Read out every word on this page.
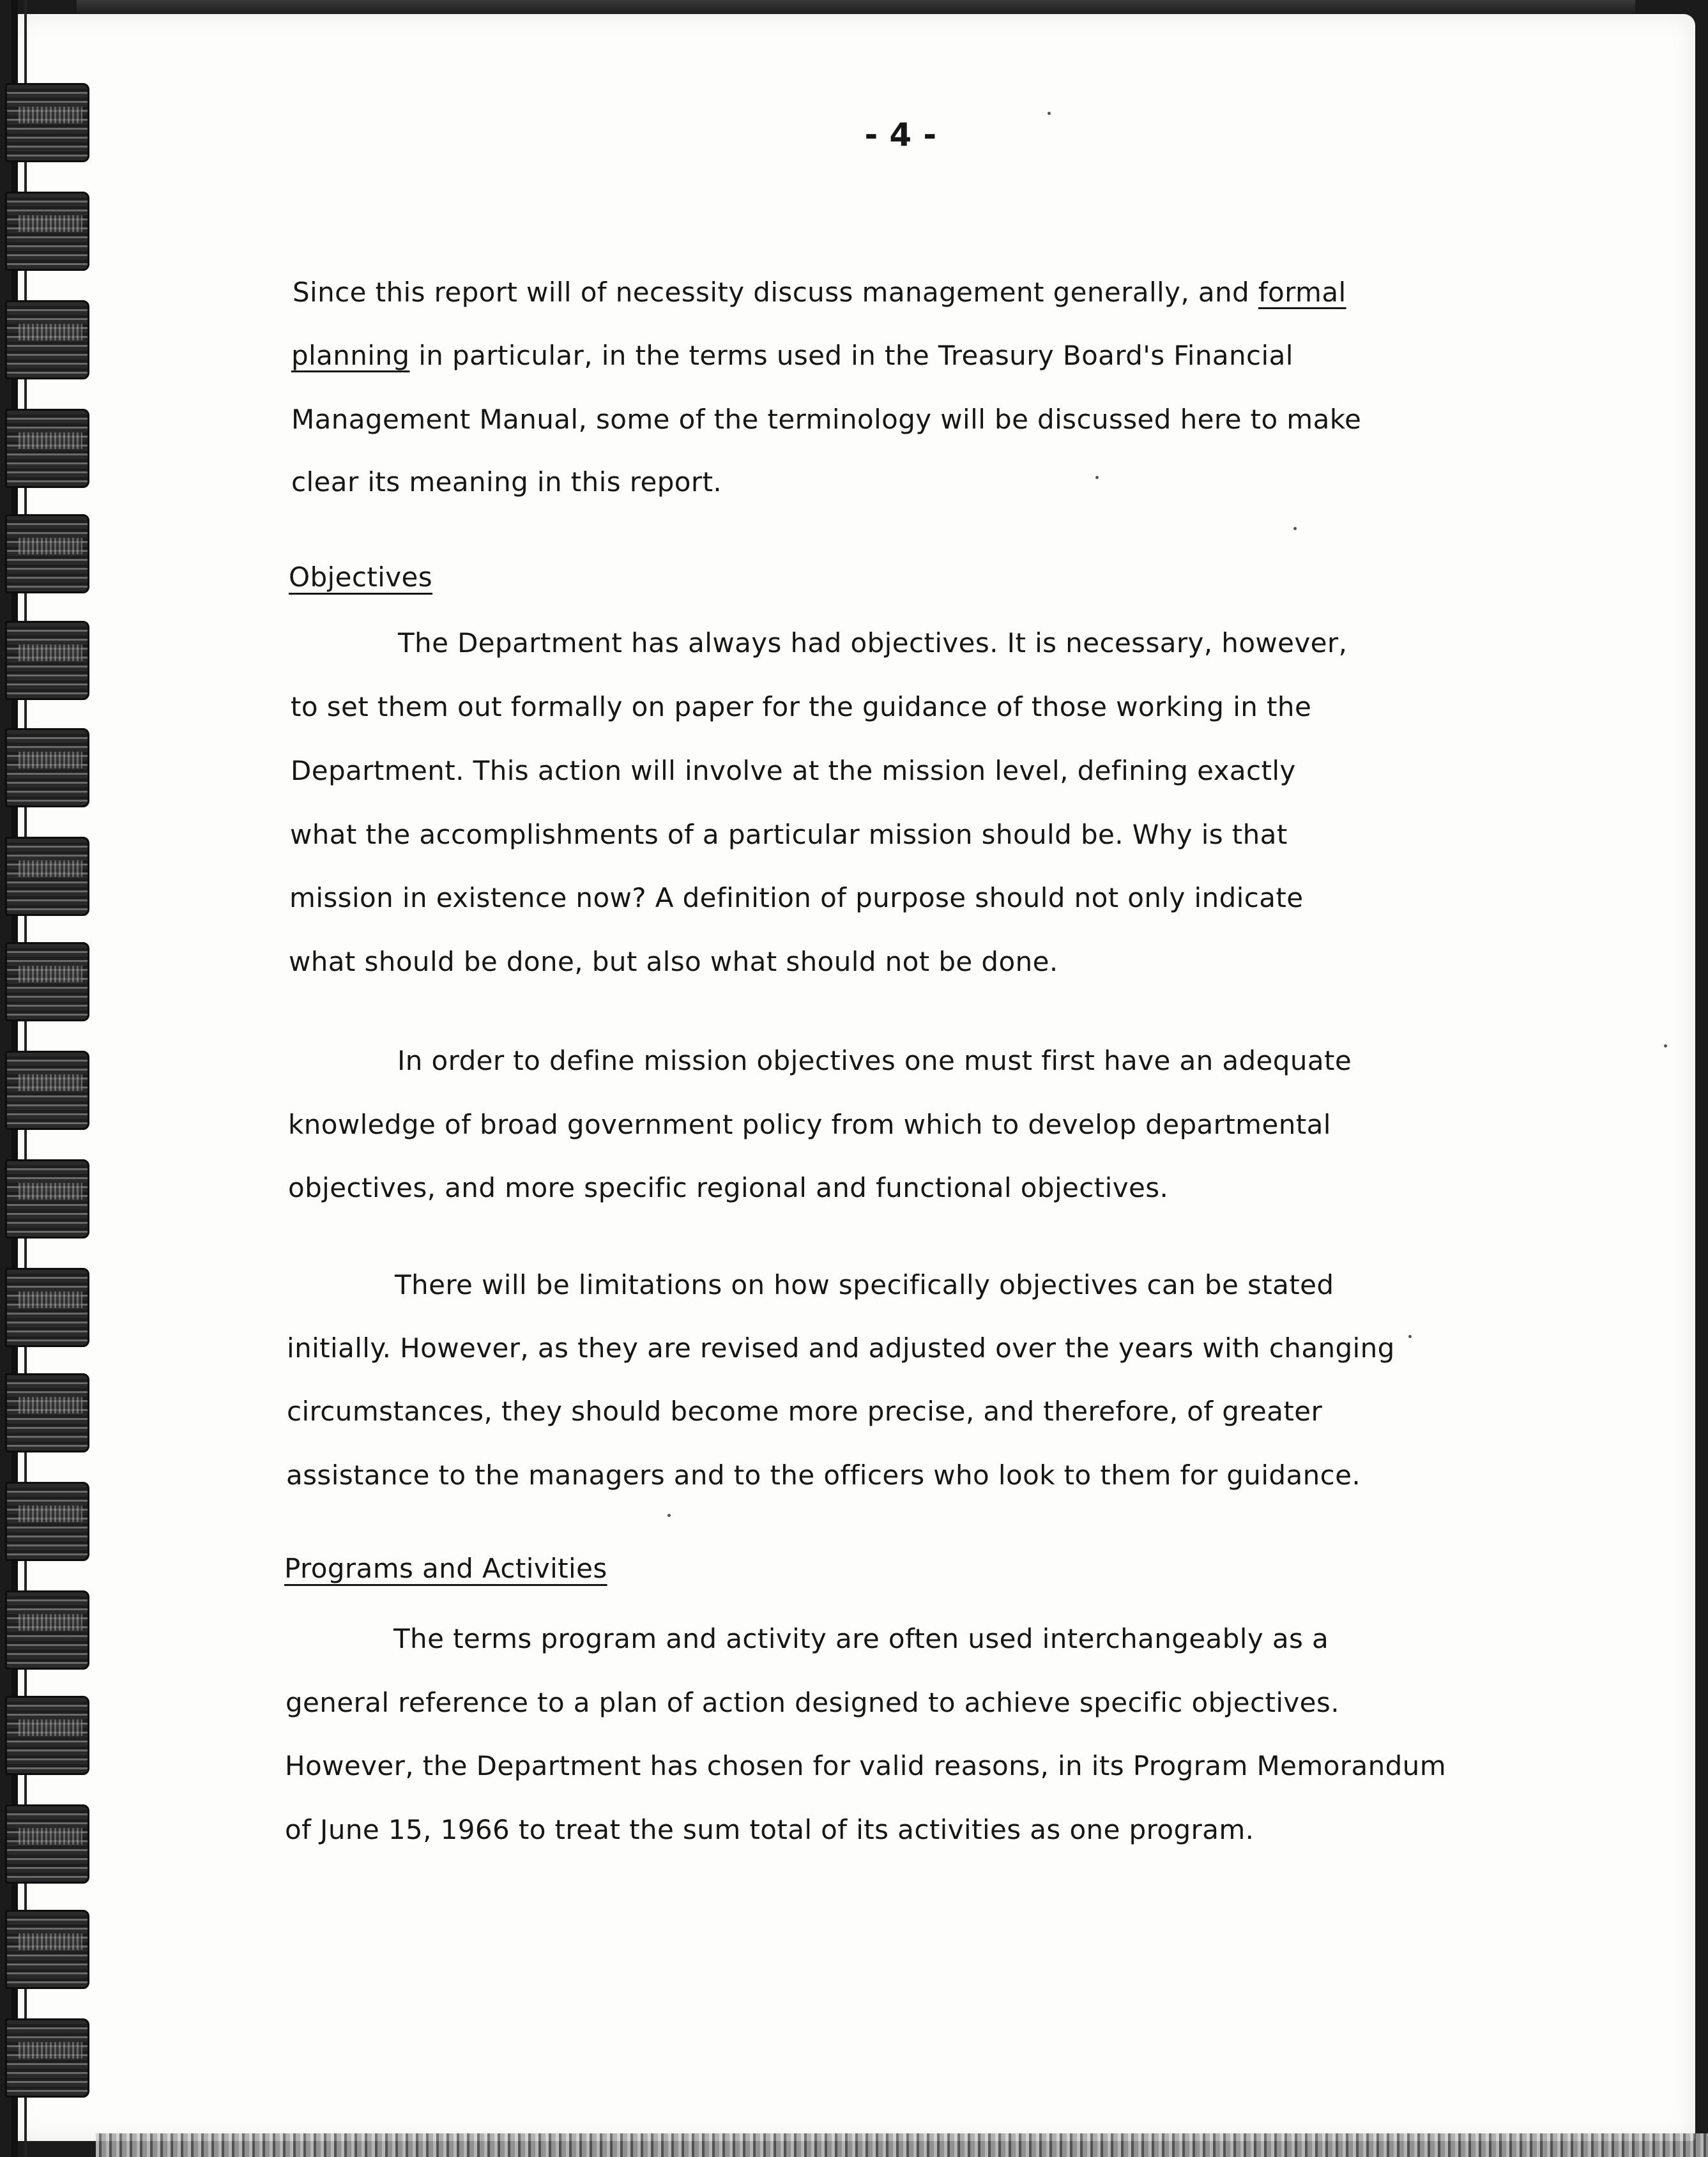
- 4 -
Since this report will of necessity discuss management generally, and formal
planning in particular, in the terms used in the Treasury Board's Financial
Management Manual, some of the terminology will be discussed here to make
clear its meaning in this report.
Objectives
The Department has always had objectives. It is necessary, however,
to set them out formally on paper for the guidance of those working in the
Department. This action will involve at the mission level, defining exactly
what the accomplishments of a particular mission should be. Why is that
mission in existence now? A definition of purpose should not only indicate
what should be done, but also what should not be done.
In order to define mission objectives one must first have an adequate
knowledge of broad government policy from which to develop departmental
objectives, and more specific regional and functional objectives.
There will be limitations on how specifically objectives can be stated
initially. However, as they are revised and adjusted over the years with changing
circumstances, they should become more precise, and therefore, of greater
assistance to the managers and to the officers who look to them for guidance.
Programs and Activities
The terms program and activity are often used interchangeably as a
general reference to a plan of action designed to achieve specific objectives.
However, the Department has chosen for valid reasons, in its Program Memorandum
of June 15, 1966 to treat the sum total of its activities as one program.
